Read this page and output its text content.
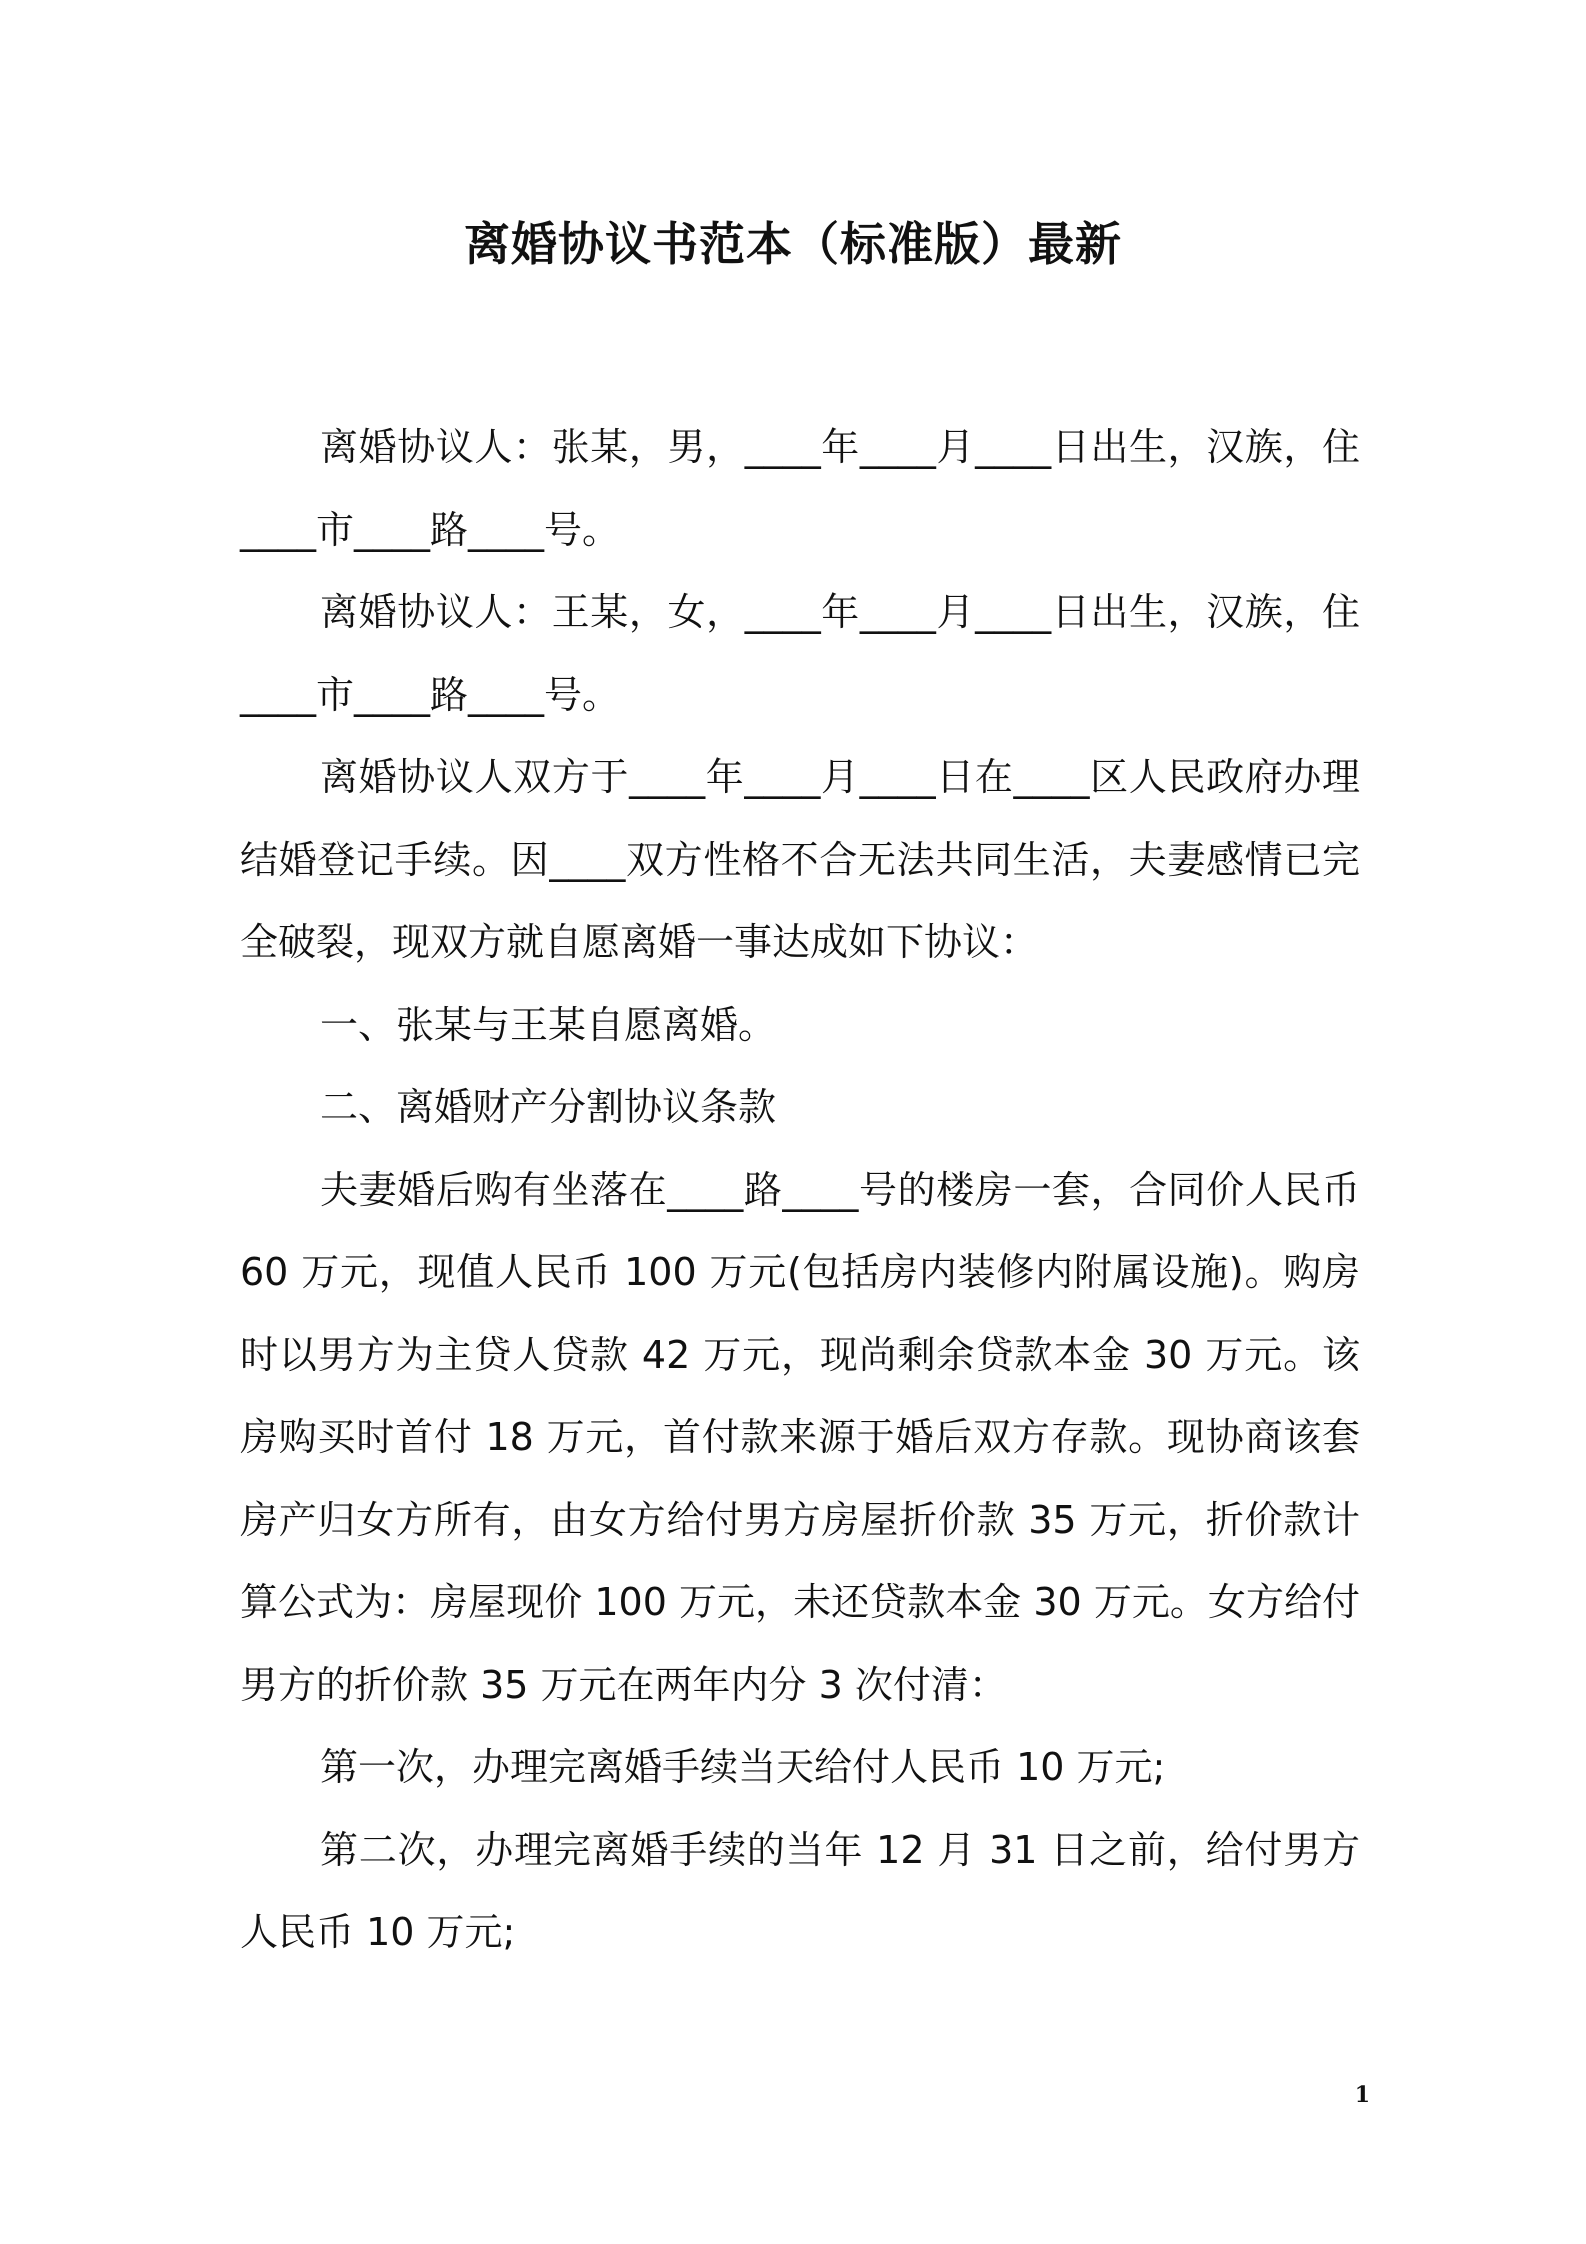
离婚协议书范本（标准版）最新

离婚协议人：张某，男，____年____月____日出生，汉族，住____市____路____号。

离婚协议人：王某，女，____年____月____日出生，汉族，住____市____路____号。

离婚协议人双方于____年____月____日在____区人民政府办理结婚登记手续。因____双方性格不合无法共同生活，夫妻感情已完全破裂，现双方就自愿离婚一事达成如下协议：

一、张某与王某自愿离婚。

二、离婚财产分割协议条款

夫妻婚后购有坐落在____路____号的楼房一套，合同价人民币 60 万元，现值人民币 100 万元(包括房内装修内附属设施)。购房时以男方为主贷人贷款 42 万元，现尚剩余贷款本金 30 万元。该房购买时首付 18 万元，首付款来源于婚后双方存款。现协商该套房产归女方所有，由女方给付男方房屋折价款 35 万元，折价款计算公式为：房屋现价 100 万元，未还贷款本金 30 万元。女方给付男方的折价款 35 万元在两年内分 3 次付清：

第一次，办理完离婚手续当天给付人民币 10 万元;

第二次，办理完离婚手续的当年 12 月 31 日之前，给付男方人民币 10 万元;

1
